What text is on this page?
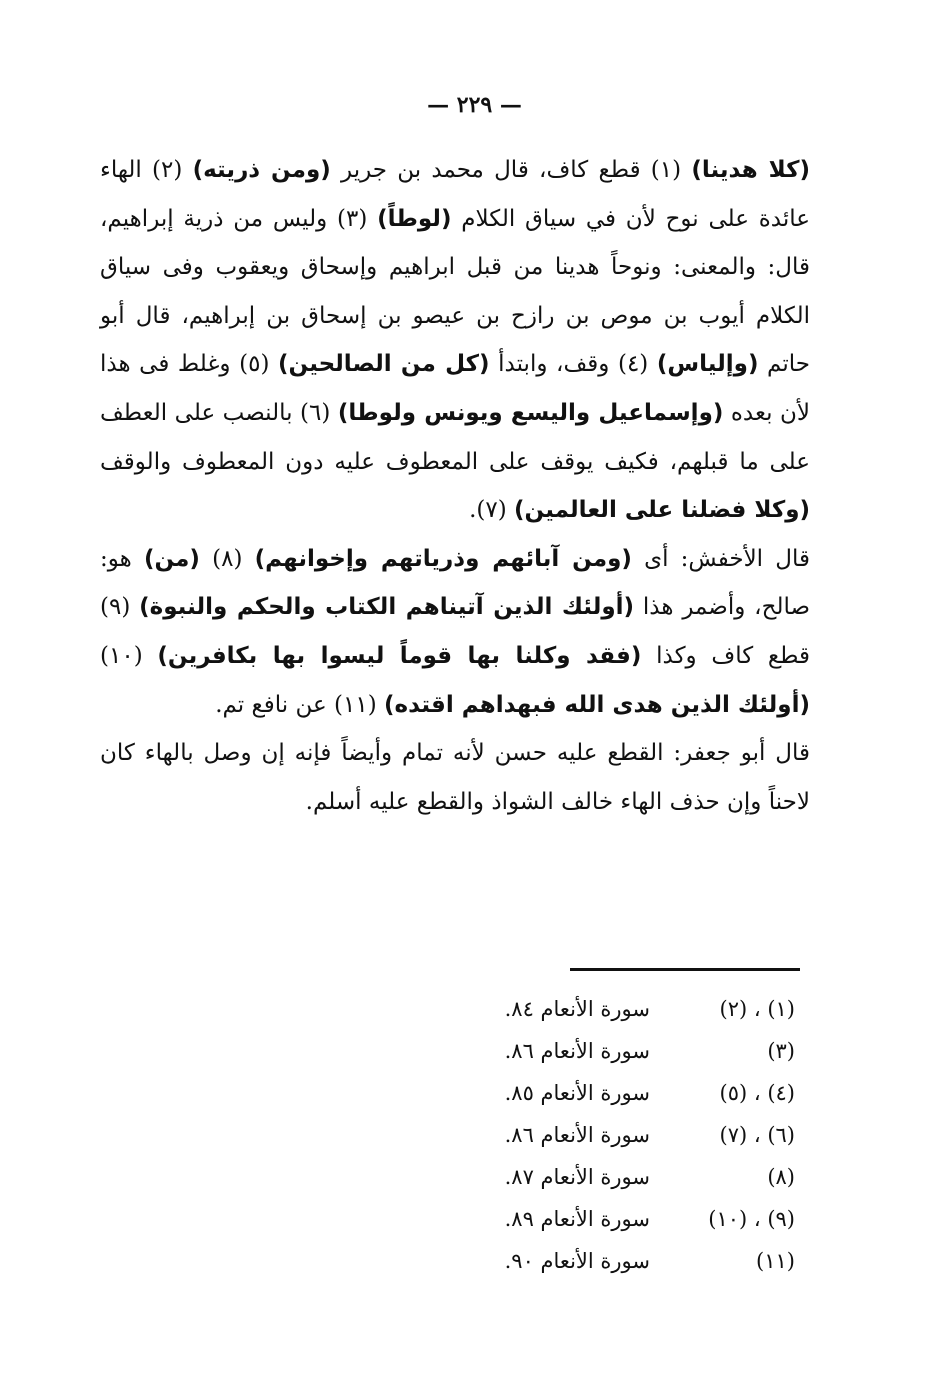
— ٢٢٩ —

(كلا هدينا) (١) قطع كاف، قال محمد بن جرير (ومن ذريته) (٢) الهاء عائدة على نوح لأن في سياق الكلام (لوطاً) (٣) وليس من ذرية إبراهيم، قال: والمعنى: ونوحاً هدينا من قبل ابراهيم وإسحاق ويعقوب وفى سياق الكلام أيوب بن موص بن رازح بن عيصو بن إسحاق بن إبراهيم، قال أبو حاتم (وإلياس) (٤) وقف، وابتدأ (كل من الصالحين) (٥) وغلط فى هذا لأن بعده (وإسماعيل واليسع ويونس ولوطا) (٦) بالنصب على العطف على ما قبلهم، فكيف يوقف على المعطوف عليه دون المعطوف والوقف (وكلا فضلنا على العالمين) (٧).

قال الأخفش: أى (ومن آبائهم وذرياتهم وإخوانهم) (٨) (من) هو: صالح، وأضمر هذا (أولئك الذين آتيناهم الكتاب والحكم والنبوة) (٩) قطع كاف وكذا (فقد وكلنا بها قوماً ليسوا بها بكافرين) (١٠) (أولئك الذين هدى الله فبهداهم اقتده) (١١) عن نافع تم.

قال أبو جعفر: القطع عليه حسن لأنه تمام وأيضاً فإنه إن وصل بالهاء كان لاحناً وإن حذف الهاء خالف الشواذ والقطع عليه أسلم.

(١) ، (٢)
سورة الأنعام ٨٤.
(٣)
سورة الأنعام ٨٦.
(٤) ، (٥)
سورة الأنعام ٨٥.
(٦) ، (٧)
سورة الأنعام ٨٦.
(٨)
سورة الأنعام ٨٧.
(٩) ، (١٠)
سورة الأنعام ٨٩.
(١١)
سورة الأنعام ٩٠.
